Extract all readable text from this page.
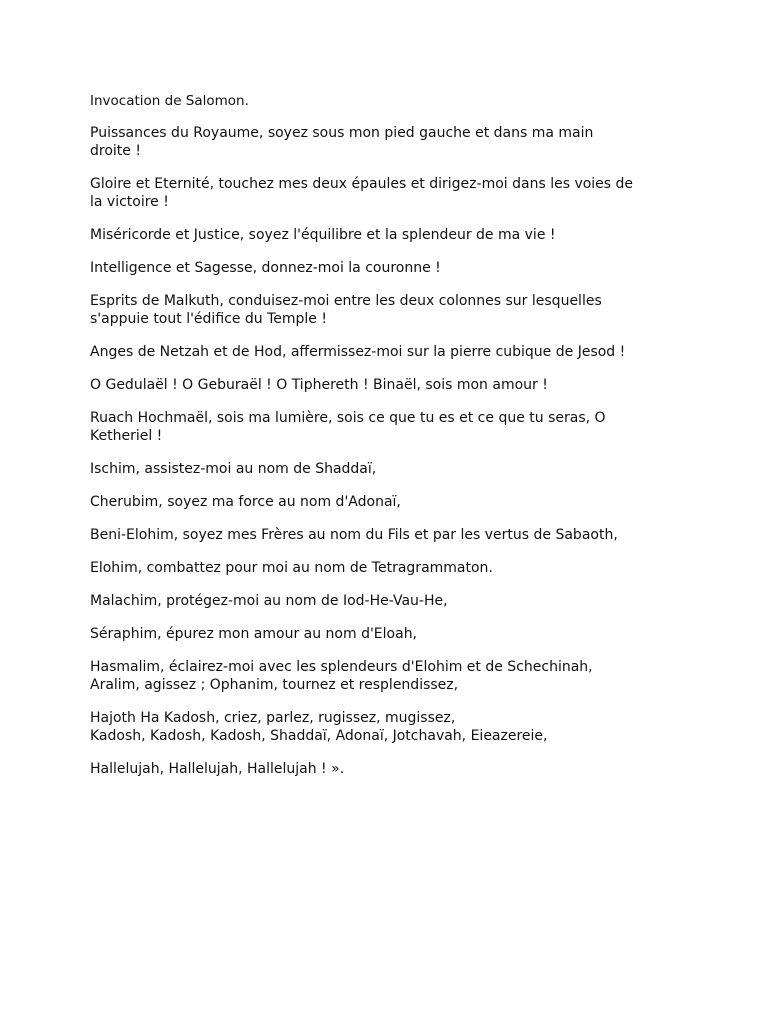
Invocation de Salomon.
Puissances du Royaume, soyez sous mon pied gauche et dans ma main
droite !
Gloire et Eternité, touchez mes deux épaules et dirigez-moi dans les voies de
la victoire !
Miséricorde et Justice, soyez l'équilibre et la splendeur de ma vie !
Intelligence et Sagesse, donnez-moi la couronne !
Esprits de Malkuth, conduisez-moi entre les deux colonnes sur lesquelles
s'appuie tout l'édifice du Temple !
Anges de Netzah et de Hod, affermissez-moi sur la pierre cubique de Jesod !
O Gedulaël ! O Geburaël ! O Tiphereth ! Binaël, sois mon amour !
Ruach Hochmaël, sois ma lumière, sois ce que tu es et ce que tu seras, O
Ketheriel !
Ischim, assistez-moi au nom de Shaddaï,
Cherubim, soyez ma force au nom d'Adonaï,
Beni-Elohim, soyez mes Frères au nom du Fils et par les vertus de Sabaoth,
Elohim, combattez pour moi au nom de Tetragrammaton.
Malachim, protégez-moi au nom de Iod-He-Vau-He,
Séraphim, épurez mon amour au nom d'Eloah,
Hasmalim, éclairez-moi avec les splendeurs d'Elohim et de Schechinah,
Aralim, agissez ; Ophanim, tournez et resplendissez,
Hajoth Ha Kadosh, criez, parlez, rugissez, mugissez,
Kadosh, Kadosh, Kadosh, Shaddaï, Adonaï, Jotchavah, Eieazereie,
Hallelujah, Hallelujah, Hallelujah ! ».
